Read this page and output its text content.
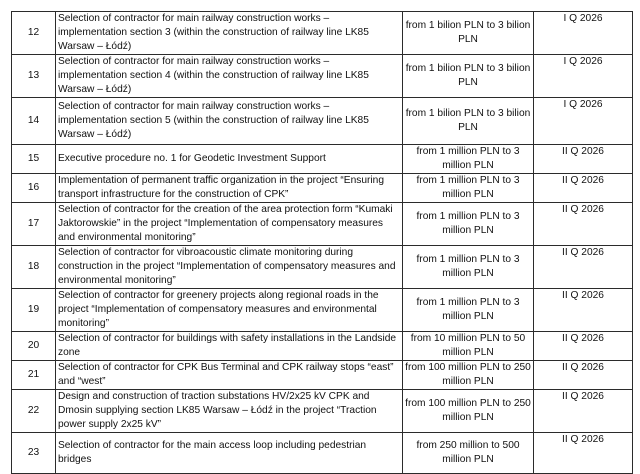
12	Selection of contractor for main railway construction works – implementation section 3 (within the construction of railway line LK85 Warsaw – Łódź)	from 1 bilion PLN to 3 bilion PLN	I Q 2026
13	Selection of contractor for main railway construction works – implementation section 4 (within the construction of railway line LK85 Warsaw – Łódź)	from 1 bilion PLN to 3 bilion PLN	I Q 2026
14	Selection of contractor for main railway construction works – implementation section 5 (within the construction of railway line LK85 Warsaw – Łódź)	from 1 bilion PLN to 3 bilion PLN	I Q 2026
15	Executive procedure no. 1 for Geodetic Investment Support	from 1 million PLN to 3 million PLN	II Q 2026
16	Implementation of permanent traffic organization in the project “Ensuring transport infrastructure for the construction of CPK”	from 1 million PLN to 3 million PLN	II Q 2026
17	Selection of contractor for the creation of the area protection form “Kumaki Jaktorowskie” in the project “Implementation of compensatory measures and environmental monitoring”	from 1 million PLN to 3 million PLN	II Q 2026
18	Selection of contractor for vibroacoustic climate monitoring during construction in the project “Implementation of compensatory measures and environmental monitoring”	from 1 million PLN to 3 million PLN	II Q 2026
19	Selection of contractor for greenery projects along regional roads in the project “Implementation of compensatory measures and environmental monitoring”	from 1 million PLN to 3 million PLN	II Q 2026
20	Selection of contractor for buildings with safety installations in the Landside zone	from 10 million PLN to 50 million PLN	II Q 2026
21	Selection of contractor for CPK Bus Terminal and CPK railway stops “east” and “west”	from 100 million PLN to 250 million PLN	II Q 2026
22	Design and construction of traction substations HV/2x25 kV CPK and Dmosin supplying section LK85 Warsaw – Łódź in the project “Traction power supply 2x25 kV”	from 100 million PLN to 250 million PLN	II Q 2026
23	Selection of contractor for the main access loop including pedestrian bridges	from 250 million to 500 million PLN	II Q 2026
